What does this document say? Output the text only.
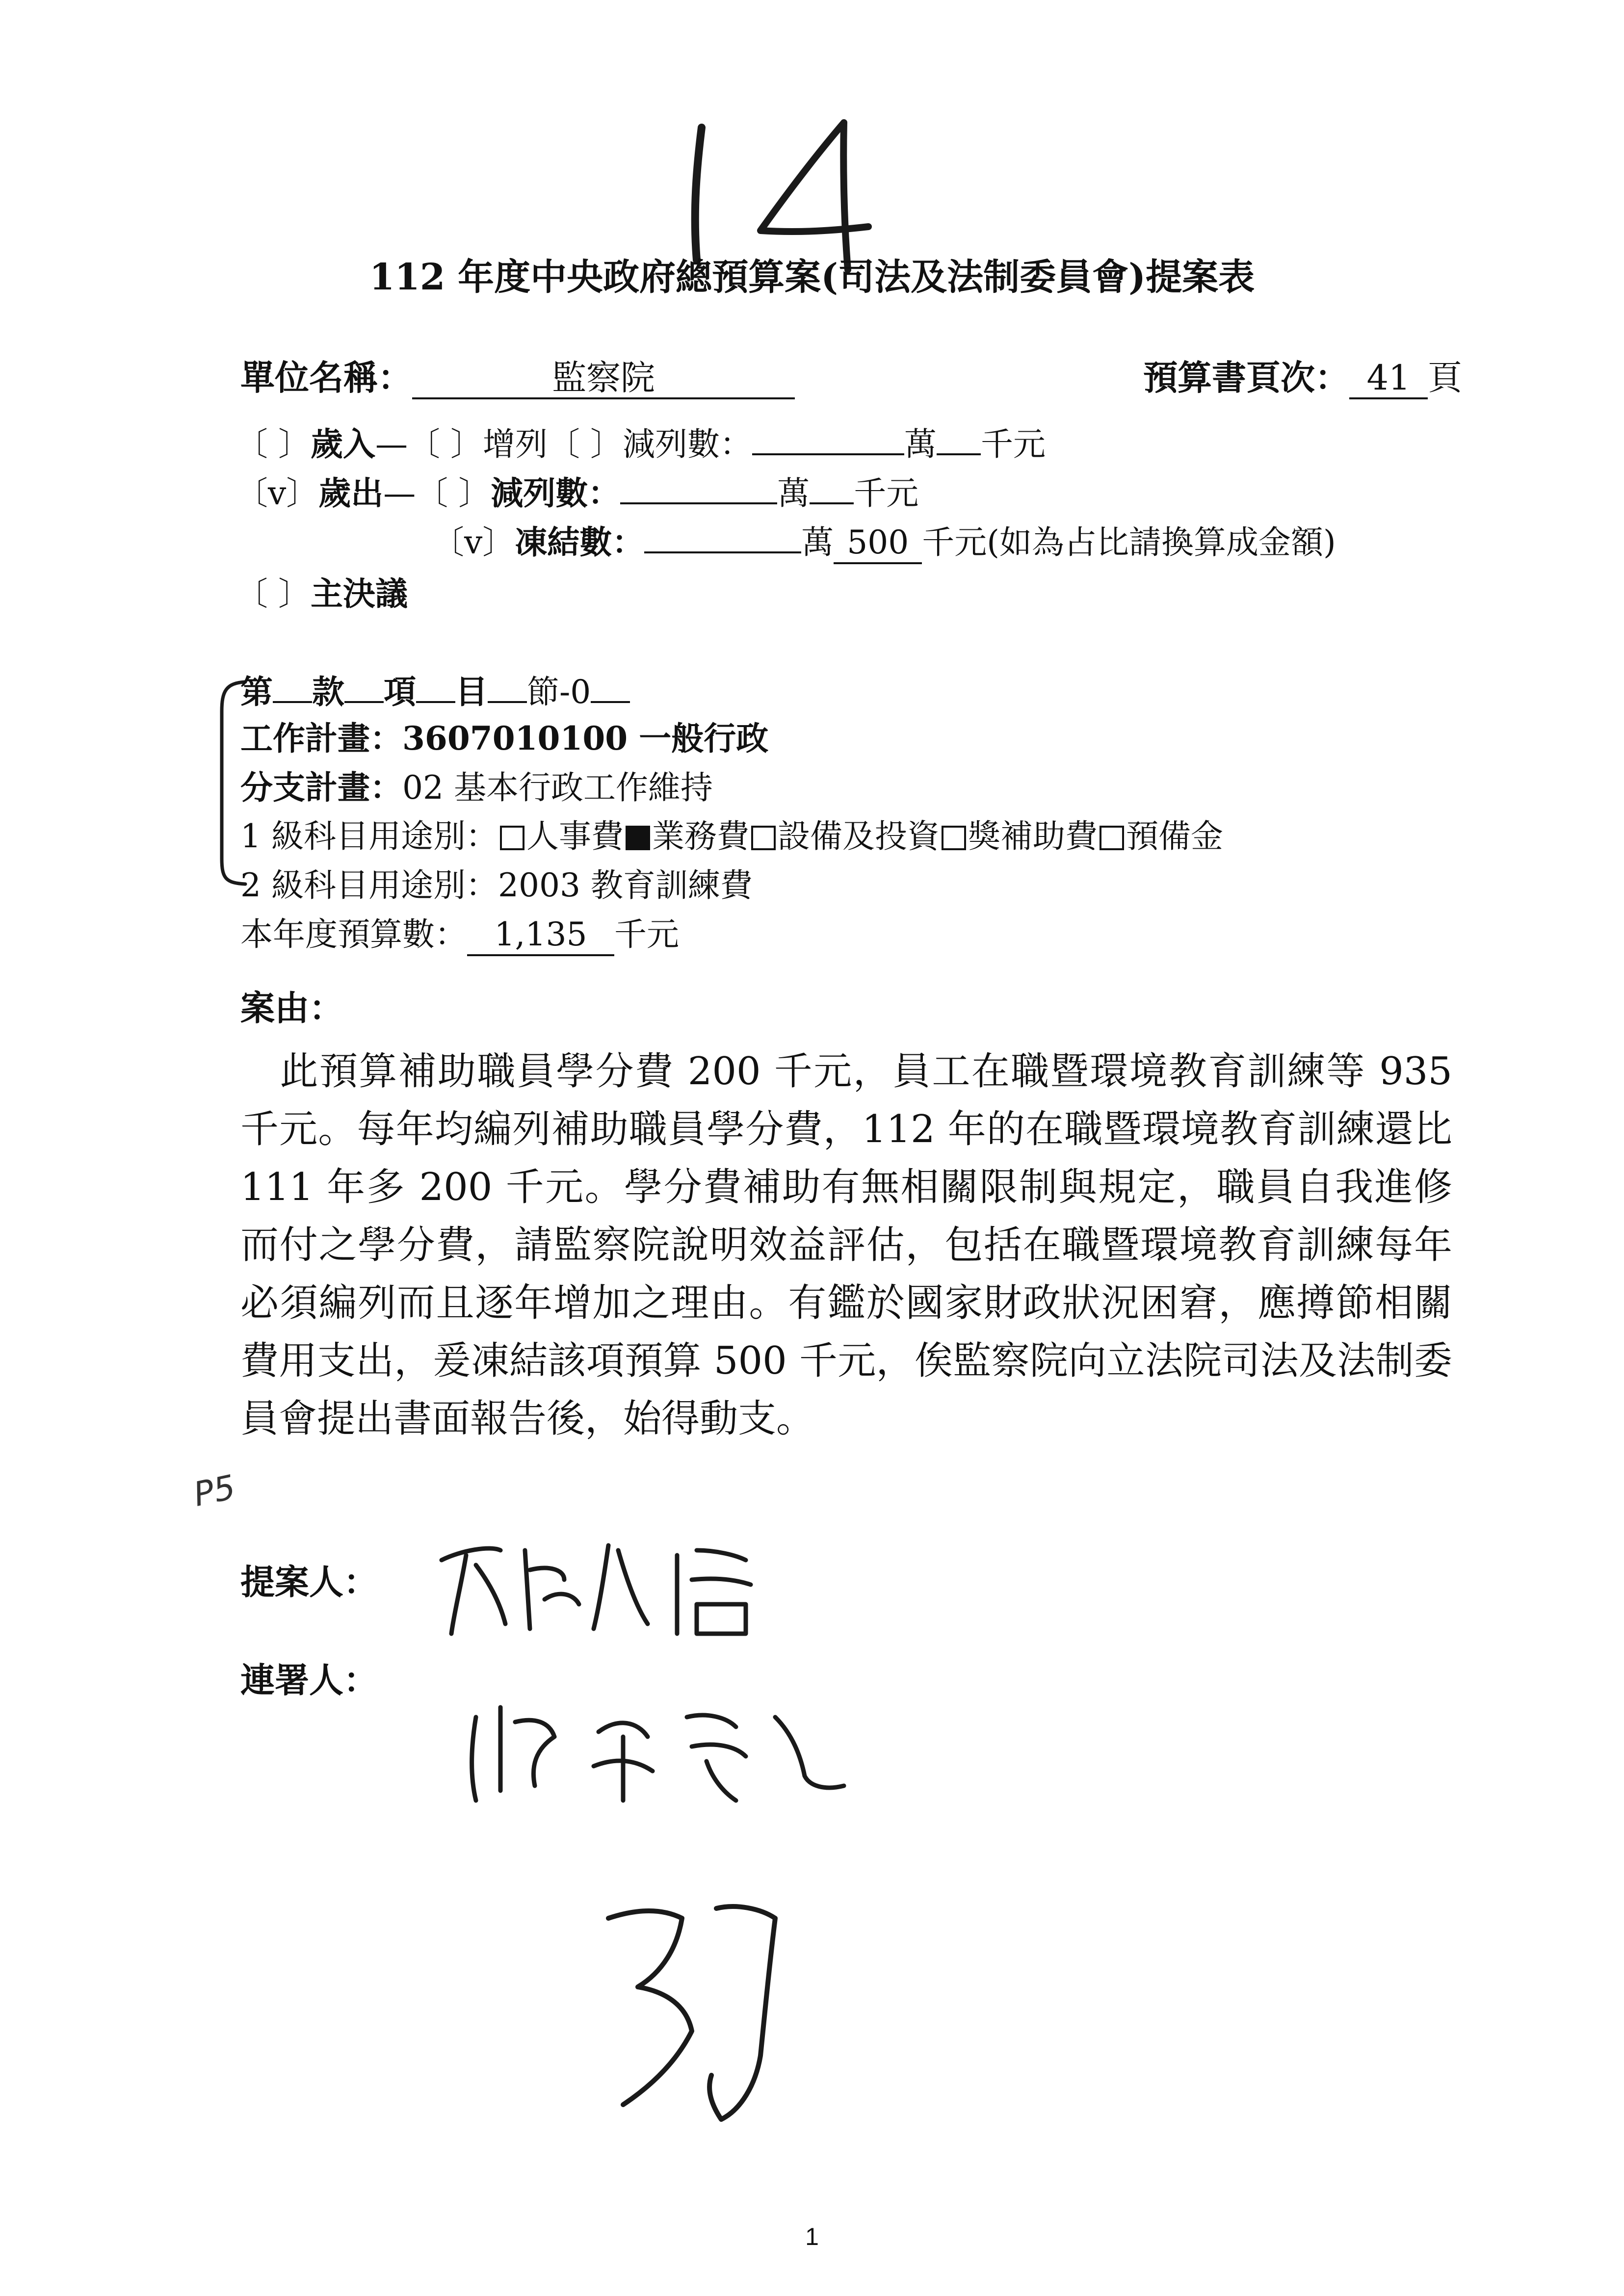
112 年度中央政府總預算案(司法及法制委員會)提案表
單位名稱：	監察院	預算書頁次： 41 頁
〔 〕歲入—〔 〕增列〔 〕減列數：	萬 千元
〔v〕歲出—〔 〕減列數：	萬 千元
〔v〕凍結數：	萬 500 千元(如為占比請換算成金額)
〔 〕主決議
第 款 項 目 節-0
工作計畫：3607010100 一般行政
分支計畫：02 基本行政工作維持
1 級科目用途別： 人事費 業務費 設備及投資 獎補助費 預備金
2 級科目用途別：2003 教育訓練費
本年度預算數： 1,135 千元
案由：
此預算補助職員學分費 200 千元，員工在職暨環境教育訓練等 935 千元。每年均編列補助職員學分費，112 年的在職暨環境教育訓練還比 111 年多 200 千元。學分費補助有無相關限制與規定，職員自我進修而付之學分費，請監察院說明效益評估，包括在職暨環境教育訓練每年必須編列而且逐年增加之理由。有鑑於國家財政狀況困窘，應撙節相關費用支出，爰凍結該項預算 500 千元，俟監察院向立法院司法及法制委員會提出書面報告後，始得動支。
P5
提案人：
連署人：
1
